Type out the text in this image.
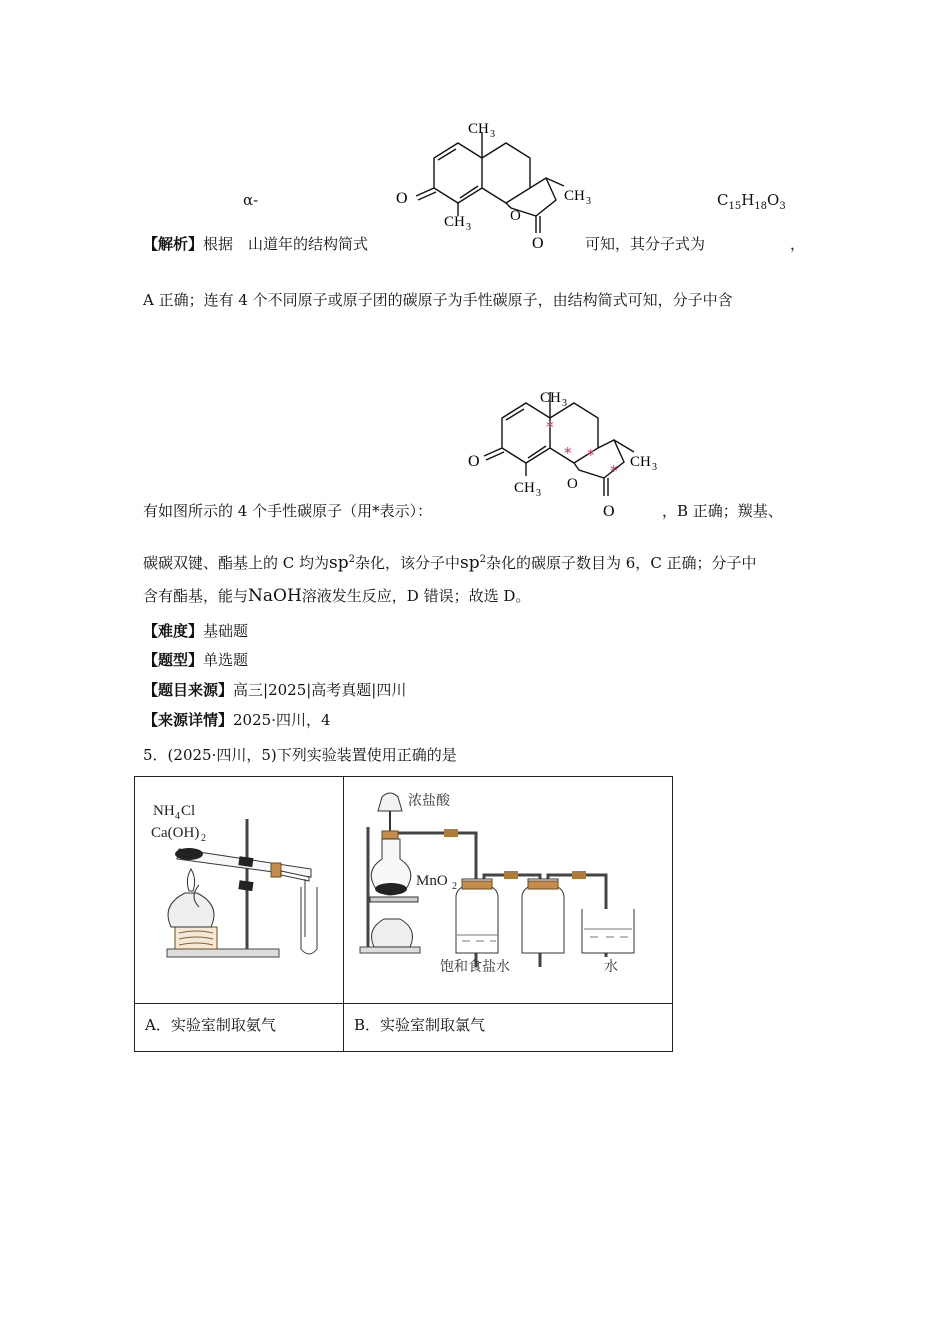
α-
CH 3
O
CH 3
O
CH 3
O
$C_{15}H_{18}O_3$
【解析】根据　山道年的结构简式	可知，其分子式为	，
A 正确；连有 4 个不同原子或原子团的碳原子为手性碳原子，由结构简式可知，分子中含
CH 3
O
CH 3
O
CH 3
O
*
* *
*
有如图所示的 4 个手性碳原子（用*表示）：	，B 正确；羰基、
碳碳双键、酯基上的 C 均为$sp^2$杂化，该分子中$sp^2$杂化的碳原子数目为 6，C 正确；分子中
含有酯基，能与NaOH溶液发生反应，D 错误；故选 D。
【难度】基础题
【题型】单选题
【题目来源】高三|2025|高考真题|四川
【来源详情】2025·四川，4
5．(2025·四川，5)下列实验装置使用正确的是
NH 4 Cl
Ca(OH) 2	浓盐酸
MnO 2
饱和食盐水 水

A．实验室制取氨气	B．实验室制取氯气
